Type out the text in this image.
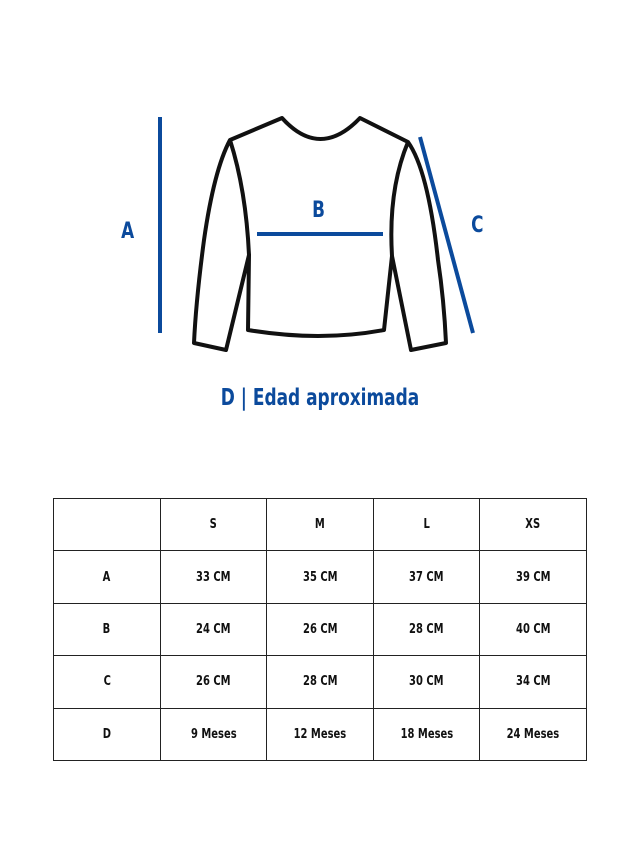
A
B
C
D | Edad aproximada
	S	M	L	XS
A	33 CM	35 CM	37 CM	39 CM
B	24 CM	26 CM	28 CM	40 CM
C	26 CM	28 CM	30 CM	34 CM
D	9 Meses	12 Meses	18 Meses	24 Meses
